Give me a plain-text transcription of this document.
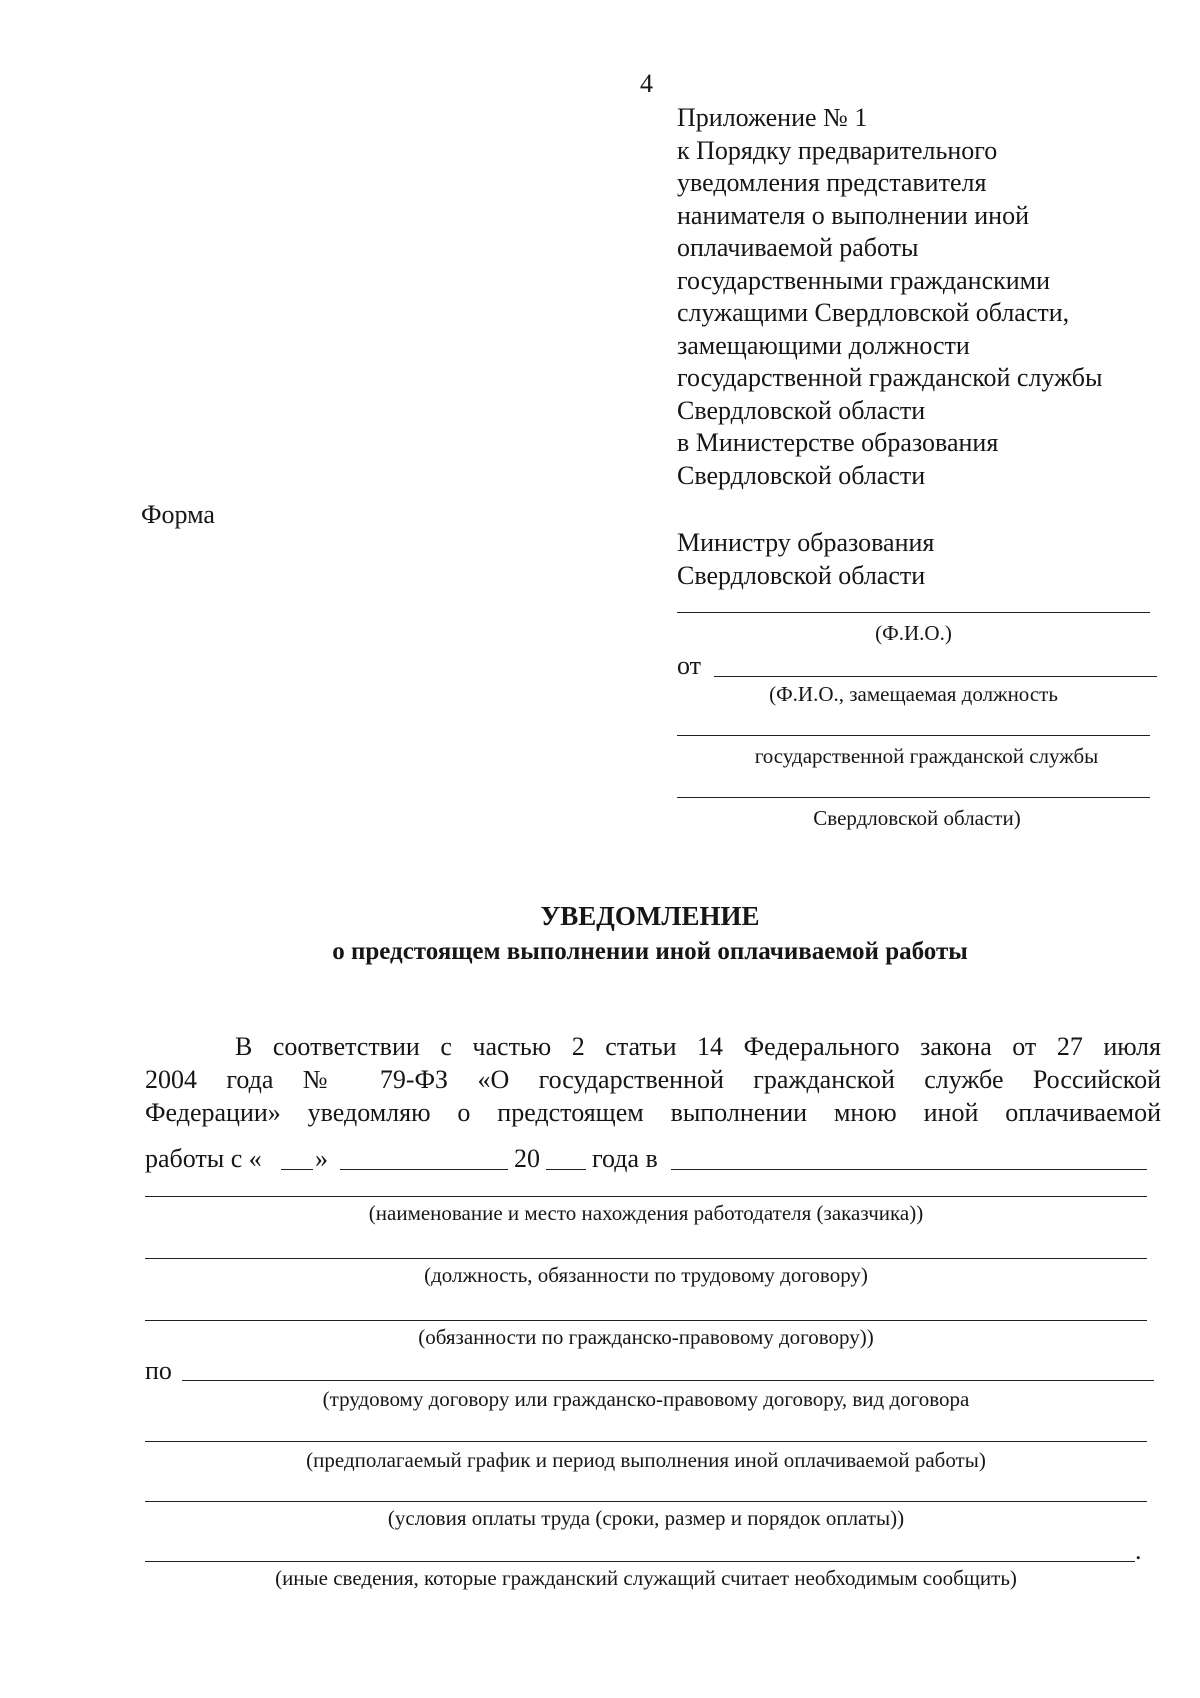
4
Приложение № 1
к Порядку предварительного
уведомления представителя
нанимателя о выполнении иной
оплачиваемой работы
государственными гражданскими
служащими Свердловской области,
замещающими должности
государственной гражданской службы
Свердловской области
в Министерстве образования
Свердловской области
Форма
Министру образования
Свердловской области
(Ф.И.О.)
от
(Ф.И.О., замещаемая должность
государственной гражданской службы
Свердловской области)
УВЕДОМЛЕНИЕ
о предстоящем выполнении иной оплачиваемой работы
В соответствии с частью 2 статьи 14 Федерального закона от 27 июля
2004 года № 79-ФЗ «О государственной гражданской службе Российской
Федерации» уведомляю о предстоящем выполнении мною иной оплачиваемой
работы с « »	20 года в
(наименование и место нахождения работодателя (заказчика))
(должность, обязанности по трудовому договору)
(обязанности по гражданско-правовому договору))
по
(трудовому договору или гражданско-правовому договору, вид договора
(предполагаемый график и период выполнения иной оплачиваемой работы)
(условия оплаты труда (сроки, размер и порядок оплаты))
.
(иные сведения, которые гражданский служащий считает необходимым сообщить)
